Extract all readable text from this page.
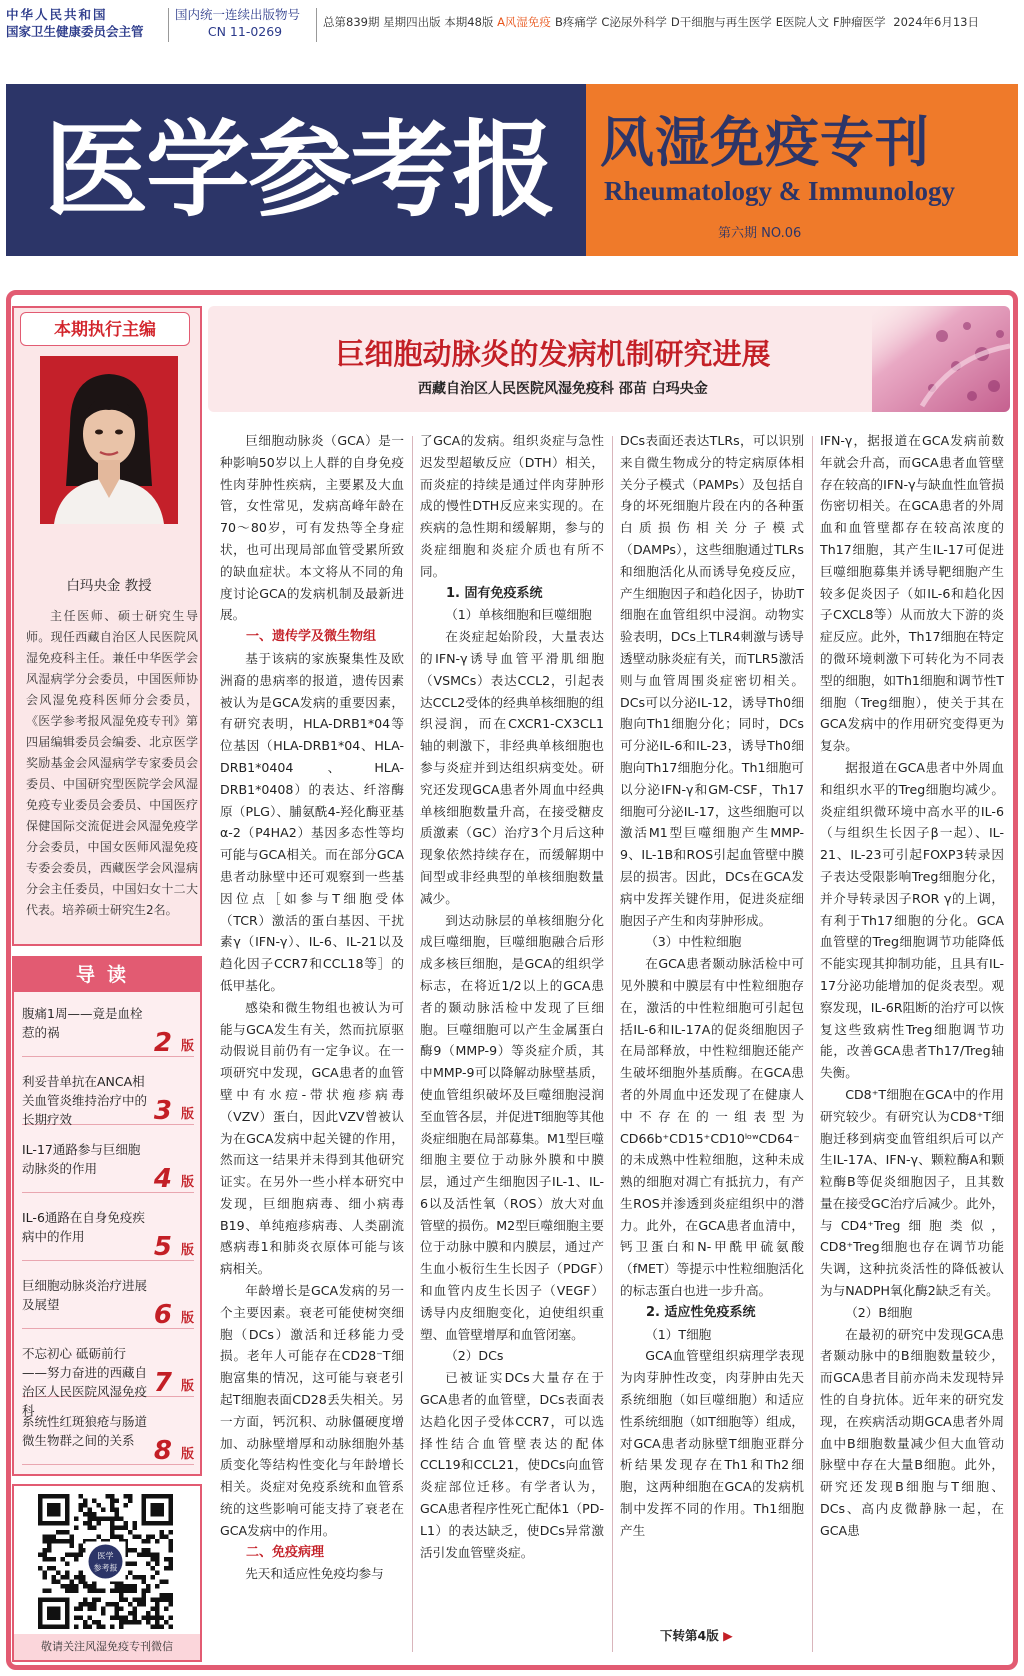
中华人民共和国
国家卫生健康委员会主管
国内统一连续出版物号
CN 11-0269
总第839期 星期四出版 本期48版 A风湿免疫 B疼痛学 C泌尿外科学 D干细胞与再生医学 E医院人文 F肿瘤医学 2024年6月13日
医学参考报 风湿免疫专刊
Rheumatology & Immunology
第六期 NO.06
本期执行主编
白玛央金 教授
主任医师、硕士研究生导师。现任西藏自治区人民医院风湿免疫科主任。兼任中华医学会风湿病学分会委员，中国医师协会风湿免疫科医师分会委员，《医学参考报风湿免疫专刊》第四届编辑委员会编委、北京医学奖励基金会风湿病学专家委员会委员、中国研究型医院学会风湿免疫专业委员会委员、中国医疗保健国际交流促进会风湿免疫学分会委员，中国女医师风湿免疫专委会委员，西藏医学会风湿病分会主任委员，中国妇女十二大代表。培养硕士研究生2名。
导读
腹痛1周——竟是血栓惹的祸	2 版
利妥昔单抗在ANCA相关血管炎维持治疗中的长期疗效	3 版
IL-17通路参与巨细胞动脉炎的作用	4 版
IL-6通路在自身免疫疾病中的作用	5 版
巨细胞动脉炎治疗进展及展望	6 版
不忘初心 砥砺前行——努力奋进的西藏自治区人民医院风湿免疫科
7 版
系统性红斑狼疮与肠道微生物群之间的关系 8 版
医学
参考报
敬请关注风湿免疫专刊微信
巨细胞动脉炎的发病机制研究进展
西藏自治区人民医院风湿免疫科 邵苗 白玛央金

巨细胞动脉炎（GCA）是一种影响50岁以上人群的自身免疫性肉芽肿性疾病，主要累及大血管，女性常见，发病高峰年龄在70～80岁，可有发热等全身症状，也可出现局部血管受累所致的缺血症状。本文将从不同的角度讨论GCA的发病机制及最新进展。

一、遗传学及微生物组

基于该病的家族聚集性及欧洲裔的患病率的报道，遗传因素被认为是GCA发病的重要因素，有研究表明，HLA-DRB1*04等位基因（HLA-DRB1*04、HLA-DRB1*0404、HLA-DRB1*0408）的表达、纤溶酶原（PLG）、脯氨酰4-羟化酶亚基α-2（P4HA2）基因多态性等均可能与GCA相关。而在部分GCA患者动脉壁中还可观察到一些基因位点［如参与T细胞受体（TCR）激活的蛋白基因、干扰素γ（IFN-γ）、IL-6、IL-21以及趋化因子CCR7和CCL18等］的低甲基化。

感染和微生物组也被认为可能与GCA发生有关，然而抗原驱动假说目前仍有一定争议。在一项研究中发现，GCA患者的血管壁中有水痘-带状疱疹病毒（VZV）蛋白，因此VZV曾被认为在GCA发病中起关键的作用，然而这一结果并未得到其他研究证实。在另外一些小样本研究中发现，巨细胞病毒、细小病毒B19、单纯疱疹病毒、人类副流感病毒1和肺炎衣原体可能与该病相关。

年龄增长是GCA发病的另一个主要因素。衰老可能使树突细胞（DCs）激活和迁移能力受损。老年人可能存在CD28⁻T细胞富集的情况，这可能与衰老引起T细胞表面CD28丢失相关。另一方面，钙沉积、动脉僵硬度增加、动脉壁增厚和动脉细胞外基质变化等结构性变化与年龄增长相关。炎症对免疫系统和血管系统的这些影响可能支持了衰老在GCA发病中的作用。

二、免疫病理

先天和适应性免疫均参与

了GCA的发病。组织炎症与急性迟发型超敏反应（DTH）相关，而炎症的持续是通过伴肉芽肿形成的慢性DTH反应来实现的。在疾病的急性期和缓解期，参与的炎症细胞和炎症介质也有所不同。

1. 固有免疫系统
（1）单核细胞和巨噬细胞

在炎症起始阶段，大量表达的IFN-γ诱导血管平滑肌细胞（VSMCs）表达CCL2，引起表达CCL2受体的经典单核细胞的组织浸润，而在CXCR1-CX3CL1轴的刺激下，非经典单核细胞也参与炎症并到达组织病变处。研究还发现GCA患者外周血中经典单核细胞数量升高，在接受糖皮质激素（GC）治疗3个月后这种现象依然持续存在，而缓解期中间型或非经典型的单核细胞数量减少。

到达动脉层的单核细胞分化成巨噬细胞，巨噬细胞融合后形成多核巨细胞，是GCA的组织学标志，在将近1/2以上的GCA患者的颞动脉活检中发现了巨细胞。巨噬细胞可以产生金属蛋白酶9（MMP-9）等炎症介质，其中MMP-9可以降解动脉壁基质，使血管组织破坏及巨噬细胞浸润至血管各层，并促进T细胞等其他炎症细胞在局部募集。M1型巨噬细胞主要位于动脉外膜和中膜层，通过产生细胞因子IL-1、IL-6以及活性氧（ROS）放大对血管壁的损伤。M2型巨噬细胞主要位于动脉中膜和内膜层，通过产生血小板衍生生长因子（PDGF）和血管内皮生长因子（VEGF）诱导内皮细胞变化，迫使组织重塑、血管壁增厚和血管闭塞。

（2）DCs

已被证实DCs大量存在于GCA患者的血管壁，DCs表面表达趋化因子受体CCR7，可以选择性结合血管壁表达的配体CCL19和CCL21，使DCs向血管炎症部位迁移。有学者认为，GCA患者程序性死亡配体1（PD-L1）的表达缺乏，使DCs异常激活引发血管壁炎症。

DCs表面还表达TLRs，可以识别来自微生物成分的特定病原体相关分子模式（PAMPs）及包括自身的坏死细胞片段在内的各种蛋白质损伤相关分子模式（DAMPs），这些细胞通过TLRs和细胞活化从而诱导免疫反应，产生细胞因子和趋化因子，协助T细胞在血管组织中浸润。动物实验表明，DCs上TLR4刺激与诱导透壁动脉炎症有关，而TLR5激活则与血管周围炎症密切相关。DCs可以分泌IL-12，诱导Th0细胞向Th1细胞分化；同时，DCs可分泌IL-6和IL-23，诱导Th0细胞向Th17细胞分化。Th1细胞可以分泌IFN-γ和GM-CSF，Th17细胞可分泌IL-17，这些细胞可以激活M1型巨噬细胞产生MMP-9、IL-1B和ROS引起血管壁中膜层的损害。因此，DCs在GCA发病中发挥关键作用，促进炎症细胞因子产生和肉芽肿形成。

（3）中性粒细胞

在GCA患者颞动脉活检中可见外膜和中膜层有中性粒细胞存在，激活的中性粒细胞可引起包括IL-6和IL-17A的促炎细胞因子在局部释放，中性粒细胞还能产生破坏细胞外基质酶。在GCA患者的外周血中还发现了在健康人中不存在的一组表型为CD66b⁺CD15⁺CD10ˡᵒʷCD64⁻的未成熟中性粒细胞，这种未成熟的细胞对凋亡有抵抗力，有产生ROS并渗透到炎症组织中的潜力。此外，在GCA患者血清中，钙卫蛋白和N-甲酰甲硫氨酸（fMET）等提示中性粒细胞活化的标志蛋白也进一步升高。

2. 适应性免疫系统
（1）T细胞

GCA血管壁组织病理学表现为肉芽肿性改变，肉芽肿由先天系统细胞（如巨噬细胞）和适应性系统细胞（如T细胞等）组成，对GCA患者动脉壁T细胞亚群分析结果发现存在Th1和Th2细胞，这两种细胞在GCA的发病机制中发挥不同的作用。Th1细胞产生

IFN-γ，据报道在GCA发病前数年就会升高，而GCA患者血管壁存在较高的IFN-γ与缺血性血管损伤密切相关。在GCA患者的外周血和血管壁都存在较高浓度的Th17细胞，其产生IL-17可促进巨噬细胞募集并诱导靶细胞产生较多促炎因子（如IL-6和趋化因子CXCL8等）从而放大下游的炎症反应。此外，Th17细胞在特定的微环境刺激下可转化为不同表型的细胞，如Th1细胞和调节性T细胞（Treg细胞），使关于其在GCA发病中的作用研究变得更为复杂。

据报道在GCA患者中外周血和组织水平的Treg细胞均减少。炎症组织微环境中高水平的IL-6（与组织生长因子β一起）、IL-21、IL-23可引起FOXP3转录因子表达受限影响Treg细胞分化，并介导转录因子ROR γ的上调，有利于Th17细胞的分化。GCA血管壁的Treg细胞调节功能降低不能实现其抑制功能，且具有IL-17分泌功能增加的促炎表型。观察发现，IL-6R阻断的治疗可以恢复这些致病性Treg细胞调节功能，改善GCA患者Th17/Treg轴失衡。

CD8⁺T细胞在GCA中的作用研究较少。有研究认为CD8⁺T细胞迁移到病变血管组织后可以产生IL-17A、IFN-γ、颗粒酶A和颗粒酶B等促炎细胞因子，且其数量在接受GC治疗后减少。此外，与CD4⁺Treg细胞类似，CD8⁺Treg细胞也存在调节功能失调，这种抗炎活性的降低被认为与NADPH氧化酶2缺乏有关。

（2）B细胞

在最初的研究中发现GCA患者颞动脉中的B细胞数量较少，而GCA患者目前亦尚未发现特异性的自身抗体。近年来的研究发现，在疾病活动期GCA患者外周血中B细胞数量减少但大血管动脉壁中存在大量B细胞。此外，研究还发现B细胞与T细胞、DCs、高内皮微静脉一起，在GCA患

下转第4版 ▶
